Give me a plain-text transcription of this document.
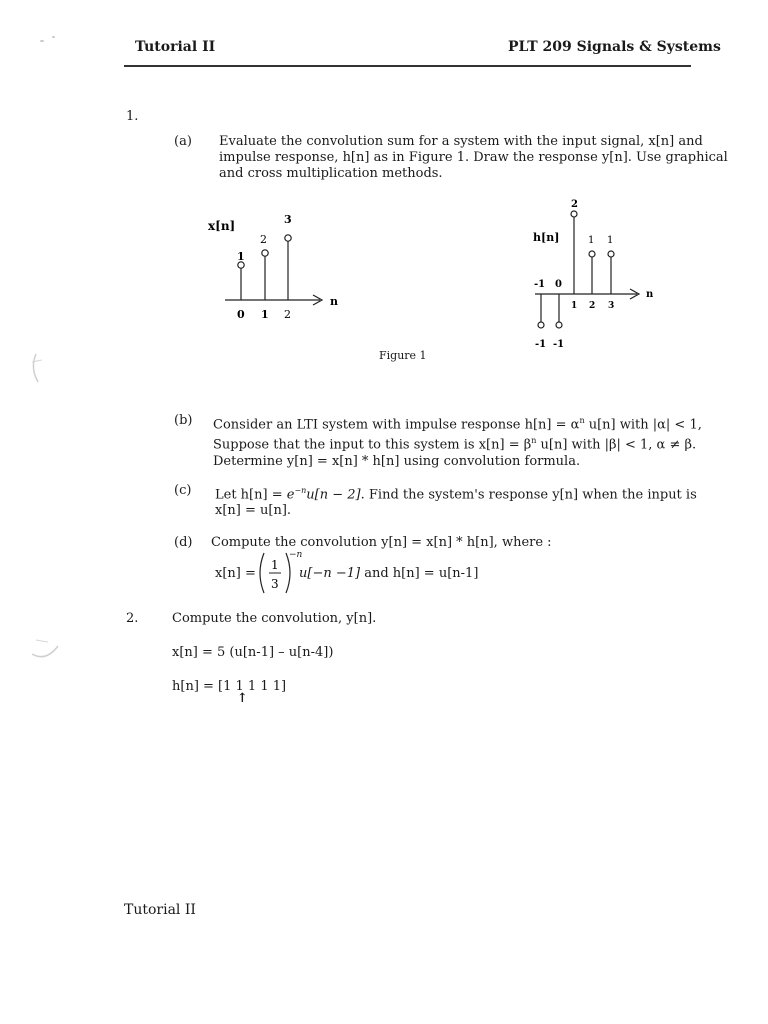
Tutorial II	PLT 209 Signals & Systems
1.
(a) Evaluate the convolution sum for a system with the input signal, x[n] and
impulse response, h[n] as in Figure 1. Draw the response y[n]. Use graphical
and cross multiplication methods.
x[n]
n
1
2
3
0 1 2
h[n]
n
2
1 1
-1 0
1 2 3
-1 -1
Figure 1
(b) Consider an LTI system with impulse response $h[n] = \alpha^n$ u[n] with |α| < 1,
Suppose that the input to this system is $x[n] = \beta^n$ u[n] with |β| < 1, α ≠ β.
Determine y[n] = x[n] * h[n] using convolution formula.
(c) Let $h[n] = e^{-n}u[n - 2]$. Find the system's response y[n] when the input is
x[n] = u[n].
(d) Compute the convolution y[n] = x[n] * h[n], where :
x[n] =
1
3
−n
u[−n −1] and h[n] = u[n-1]
2.	Compute the convolution, y[n].
x[n] = 5 (u[n-1] – u[n-4])
h[n] = [1 1 1 1 1]
↑
Tutorial II
